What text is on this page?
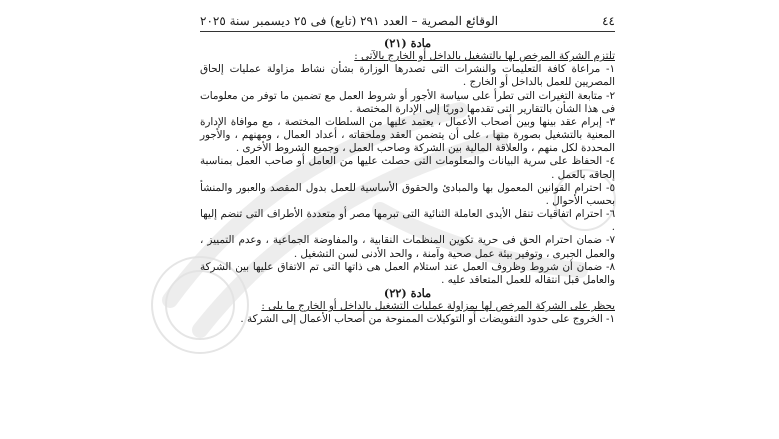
٤٤
الوقائع المصرية – العدد ٢٩١ (تابع) فى ٢٥ ديسمبر سنة ٢٠٢٥

مادة (٢١)

تلتزم الشركة المرخص لها بالتشغيل بالداخل أو الخارج بالآتى :

١- مراعاة كافة التعليمات والنشرات التى تصدرها الوزارة بشأن نشاط مزاولة عمليات إلحاق المصريين للعمل بالداخل أو الخارج .

٢- متابعة التغيرات التى تطرأ على سياسة الأجور أو شروط العمل مع تضمين ما توفر من معلومات فى هذا الشأن بالتقارير التى تقدمها دوريًا إلى الإدارة المختصة .

٣- إبرام عقد بينها وبين أصحاب الأعمال ، يعتمد عليها من السلطات المختصة ، مع موافاة الإدارة المعنية بالتشغيل بصورة منها ، على أن يتضمن العقد وملحقاته ، أعداد العمال ، ومهنهم ، والأجور المحددة لكل منهم ، والعلاقة المالية بين الشركة وصاحب العمل ، وجميع الشروط الأخرى .

٤- الحفاظ على سرية البيانات والمعلومات التى حصلت عليها من العامل أو صاحب العمل بمناسبة إلحاقه بالعمل .

٥- احترام القوانين المعمول بها والمبادئ والحقوق الأساسية للعمل بدول المقصد والعبور والمنشأ بحسب الأحوال .

٦- احترام اتفاقيات تنقل الأيدى العاملة الثنائية التى تبرمها مصر أو متعددة الأطراف التى تنضم إليها .

٧- ضمان احترام الحق فى حرية تكوين المنظمات النقابية ، والمفاوضة الجماعية ، وعدم التمييز ، والعمل الجبرى ، وتوفير بيئة عمل صحية وآمنة ، والحد الأدنى لسن التشغيل .

٨- ضمان أن شروط وظروف العمل عند استلام العمل هى ذاتها التى تم الاتفاق عليها بين الشركة والعامل قبل انتقاله للعمل المتعاقد عليه .

مادة (٢٢)

يحظر على الشركة المرخص لها بمزاولة عمليات التشغيل بالداخل أو الخارج ما يلى :

١- الخروج على حدود التفويضات أو التوكيلات الممنوحة من أصحاب الأعمال إلى الشركة .
